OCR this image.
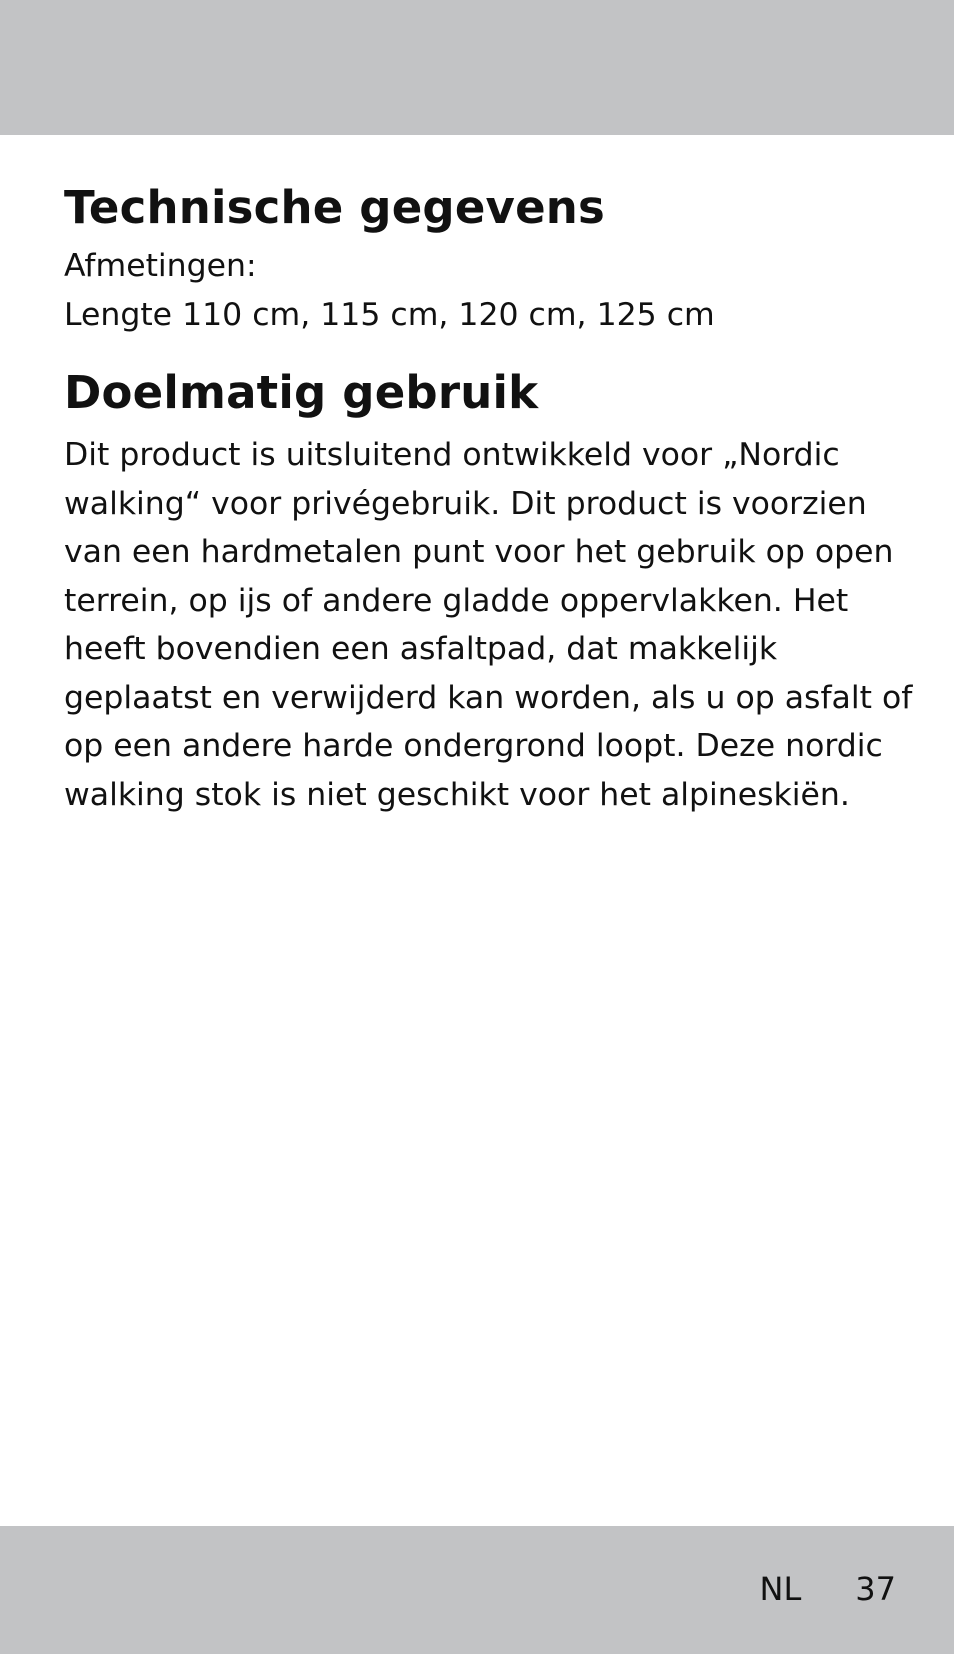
Technische gegevens

Afmetingen:
Lengte 110 cm, 115 cm, 120 cm, 125 cm

Doelmatig gebruik

Dit product is uitsluitend ontwikkeld voor „Nordic walking“ voor privégebruik. Dit product is voorzien van een hardmetalen punt voor het gebruik op open terrein, op ijs of andere gladde oppervlakken. Het heeft bovendien een asfaltpad, dat makkelijk geplaatst en verwijderd kan worden, als u op asfalt of op een andere harde ondergrond loopt. Deze nordic walking stok is niet geschikt voor het alpineskiën.

NL 37
